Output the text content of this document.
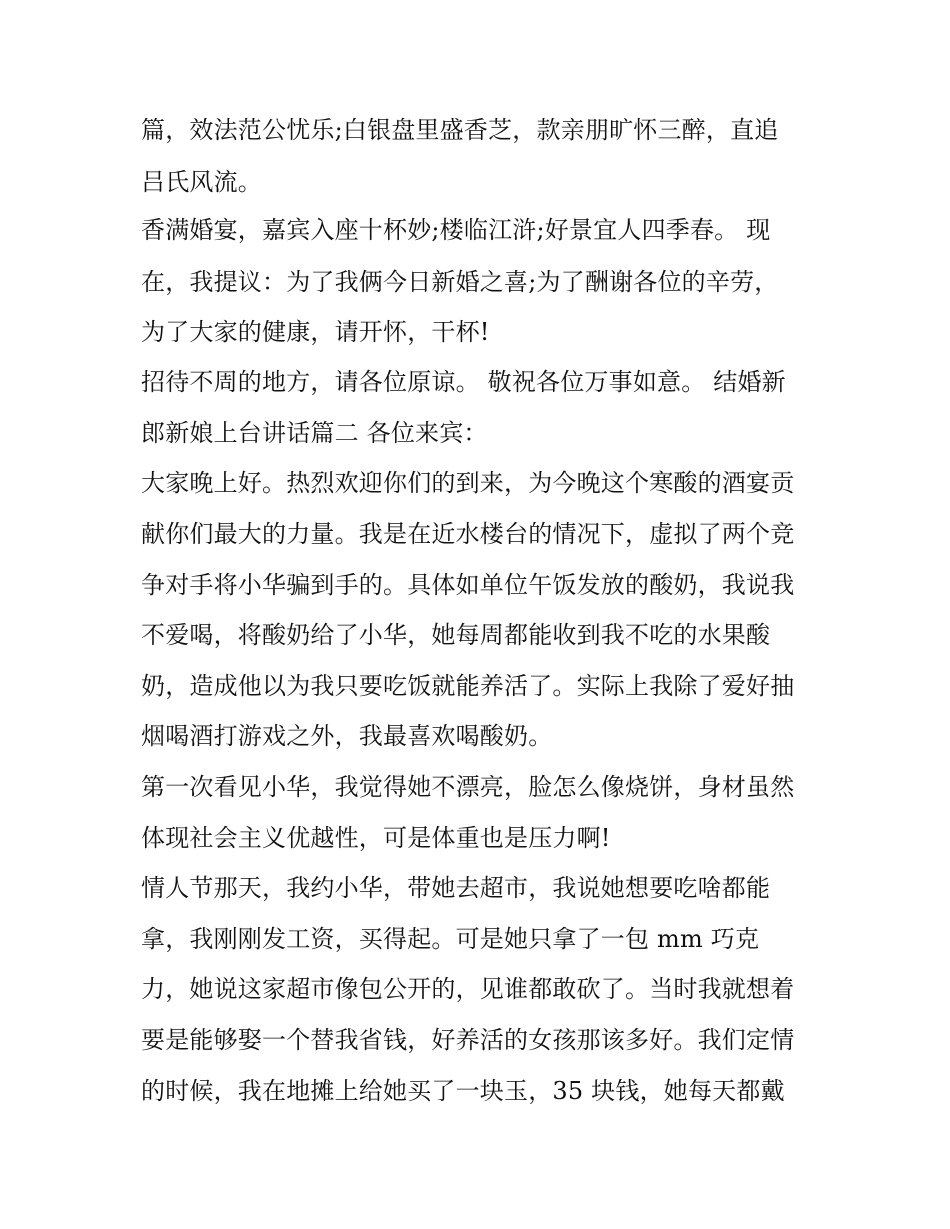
篇，效法范公忧乐;白银盘里盛香芝，款亲朋旷怀三醉，直追
吕氏风流。
香满婚宴，嘉宾入座十杯妙;楼临江浒;好景宜人四季春。 现
在，我提议：为了我俩今日新婚之喜;为了酬谢各位的辛劳，
为了大家的健康，请开怀，干杯!
招待不周的地方，请各位原谅。 敬祝各位万事如意。 结婚新
郎新娘上台讲话篇二 各位来宾：
大家晚上好。热烈欢迎你们的到来，为今晚这个寒酸的酒宴贡
献你们最大的力量。我是在近水楼台的情况下，虚拟了两个竞
争对手将小华骗到手的。具体如单位午饭发放的酸奶，我说我
不爱喝，将酸奶给了小华，她每周都能收到我不吃的水果酸
奶，造成他以为我只要吃饭就能养活了。实际上我除了爱好抽
烟喝酒打游戏之外，我最喜欢喝酸奶。
第一次看见小华，我觉得她不漂亮，脸怎么像烧饼，身材虽然
体现社会主义优越性，可是体重也是压力啊!
情人节那天，我约小华，带她去超市，我说她想要吃啥都能
拿，我刚刚发工资，买得起。可是她只拿了一包 mm 巧克
力，她说这家超市像包公开的，见谁都敢砍了。当时我就想着
要是能够娶一个替我省钱，好养活的女孩那该多好。我们定情
的时候，我在地摊上给她买了一块玉，35 块钱，她每天都戴
